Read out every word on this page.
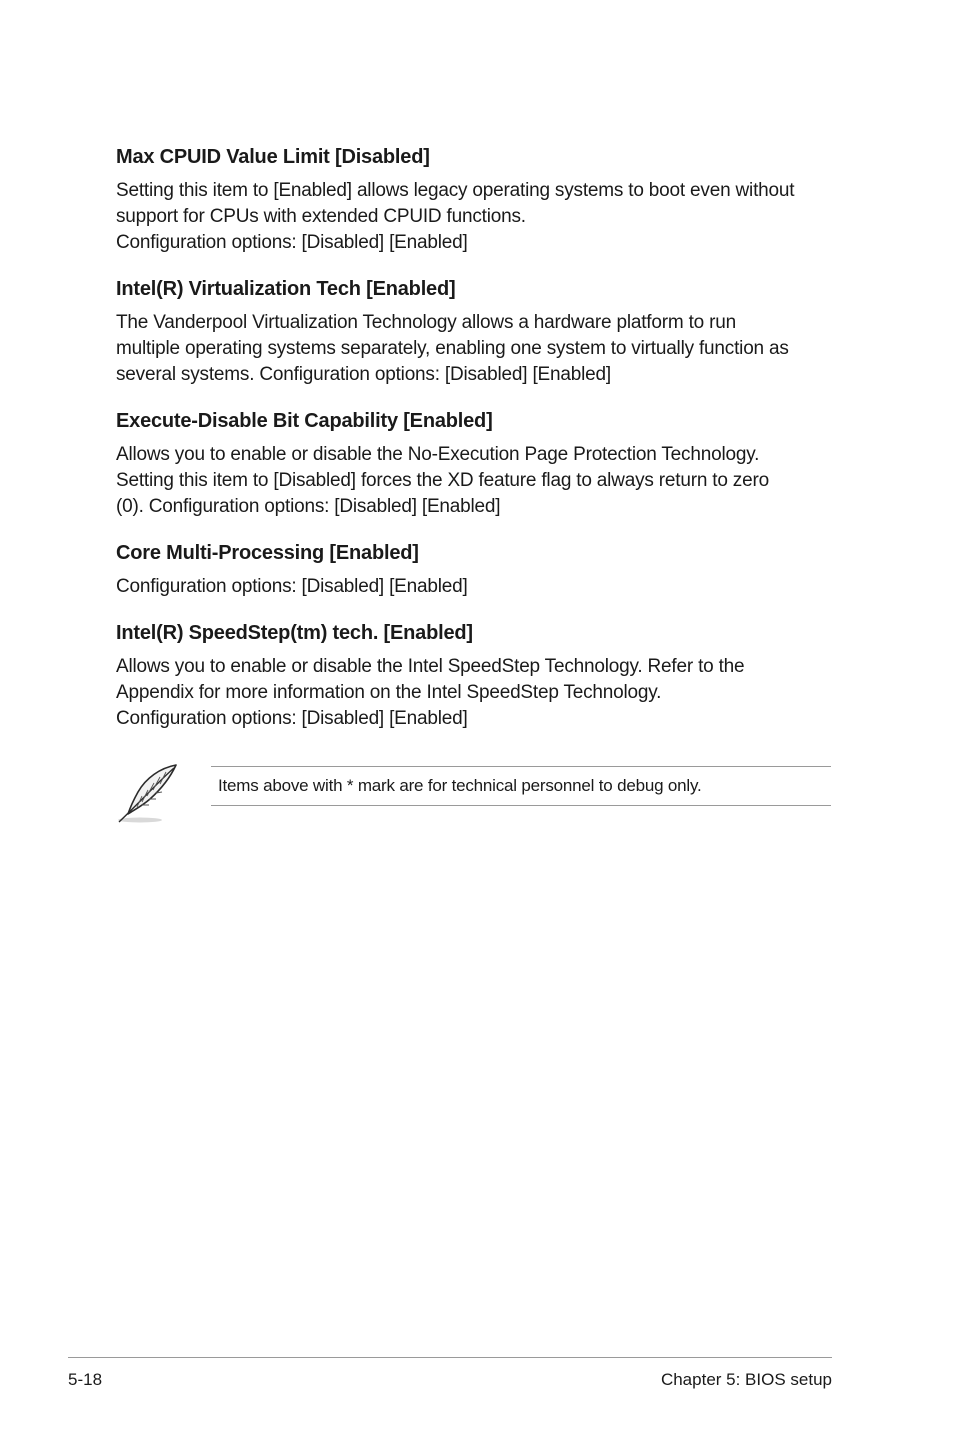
Max CPUID Value Limit [Disabled]
Setting this item to [Enabled] allows legacy operating systems to boot even without
support for CPUs with extended CPUID functions.
Configuration options: [Disabled] [Enabled]
Intel(R) Virtualization Tech [Enabled]
The Vanderpool Virtualization Technology allows a hardware platform to run
multiple operating systems separately, enabling one system to virtually function as
several systems. Configuration options: [Disabled] [Enabled]
Execute-Disable Bit Capability [Enabled]
Allows you to enable or disable the No-Execution Page Protection Technology.
Setting this item to [Disabled] forces the XD feature flag to always return to zero
(0). Configuration options: [Disabled] [Enabled]
Core Multi-Processing [Enabled]
Configuration options: [Disabled] [Enabled]
Intel(R) SpeedStep(tm) tech. [Enabled]
Allows you to enable or disable the Intel SpeedStep Technology. Refer to the
Appendix for more information on the Intel SpeedStep Technology.
Configuration options: [Disabled] [Enabled]
Items above with * mark are for technical personnel to debug only.
5-18	Chapter 5: BIOS setup
